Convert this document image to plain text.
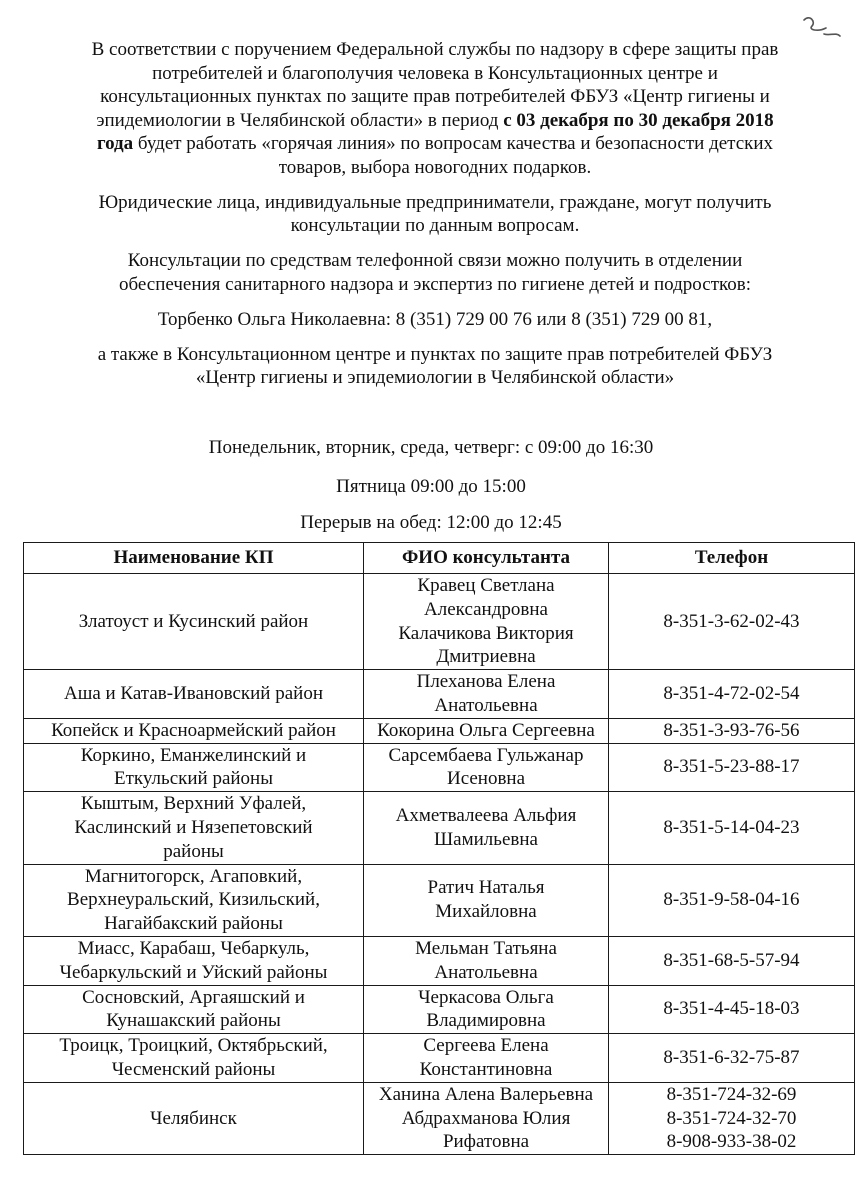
В соответствии с поручением Федеральной службы по надзору в сфере защиты прав
потребителей и благополучия человека в Консультационных центре и
консультационных пунктах по защите прав потребителей ФБУЗ «Центр гигиены и
эпидемиологии в Челябинской области» в период с 03 декабря по 30 декабря 2018
года будет работать «горячая линия» по вопросам качества и безопасности детских
товаров, выбора новогодних подарков.

Юридические лица, индивидуальные предприниматели, граждане, могут получить
консультации по данным вопросам.

Консультации по средствам телефонной связи можно получить в отделении
обеспечения санитарного надзора и экспертиз по гигиене детей и подростков:

Торбенко Ольга Николаевна: 8 (351) 729 00 76 или 8 (351) 729 00 81,

а также в Консультационном центре и пунктах по защите прав потребителей ФБУЗ
«Центр гигиены и эпидемиологии в Челябинской области»

Понедельник, вторник, среда, четверг: с 09:00 до 16:30
Пятница 09:00 до 15:00
Перерыв на обед: 12:00 до 12:45
Наименование КП	ФИО консультанта	Телефон

Златоуст и Кусинский район	Кравец Светлана
Александровна
Калачикова Виктория
Дмитриевна	8-351-3-62-02-43

Аша и Катав-Ивановский район	Плеханова Елена
Анатольевна	8-351-4-72-02-54

Копейск и Красноармейский район	Кокорина Ольга Сергеевна	8-351-3-93-76-56

Коркино, Еманжелинский и
Еткульский районы	Сарсембаева Гульжанар
Исеновна	8-351-5-23-88-17

Кыштым, Верхний Уфалей,
Каслинский и Нязепетовский
районы	Ахметвалеева Альфия
Шамильевна	8-351-5-14-04-23

Магнитогорск, Агаповкий,
Верхнеуральский, Кизильский,
Нагайбакский районы	Ратич Наталья
Михайловна	8-351-9-58-04-16

Миасс, Карабаш, Чебаркуль,
Чебаркульский и Уйский районы	Мельман Татьяна
Анатольевна	8-351-68-5-57-94

Сосновский, Аргаяшский и
Кунашакский районы	Черкасова Ольга
Владимировна	8-351-4-45-18-03

Троицк, Троицкий, Октябрьский,
Чесменский районы	Сергеева Елена
Константиновна	8-351-6-32-75-87

Челябинск	Ханина Алена Валерьевна
Абдрахманова Юлия
Рифатовна	8-351-724-32-69
8-351-724-32-70
8-908-933-38-02
